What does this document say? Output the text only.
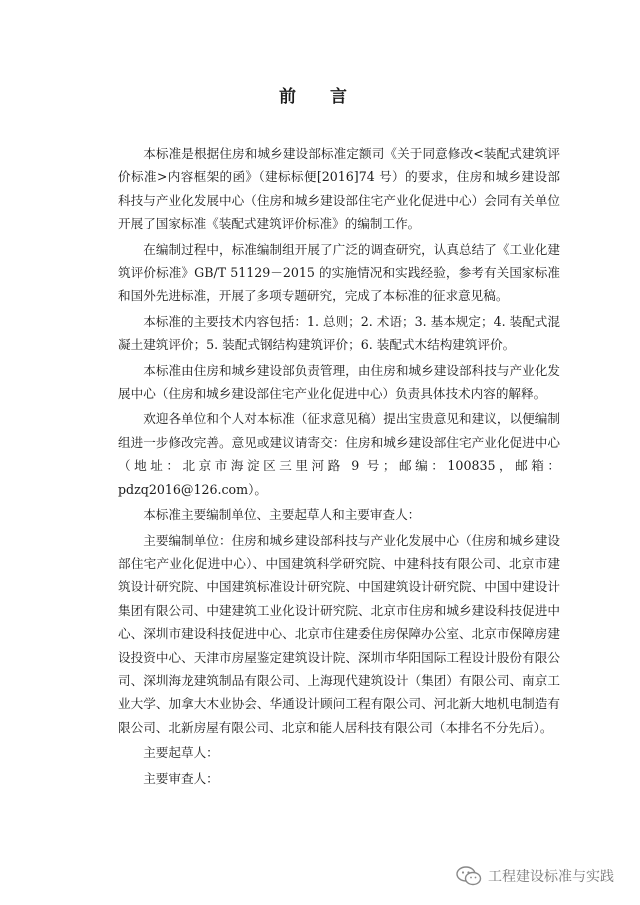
前 言

本标准是根据住房和城乡建设部标准定额司《关于同意修改<装配式建筑评价标准>内容框架的函》（建标标便[2016]74 号）的要求，住房和城乡建设部科技与产业化发展中心（住房和城乡建设部住宅产业化促进中心）会同有关单位开展了国家标准《装配式建筑评价标准》的编制工作。

在编制过程中，标准编制组开展了广泛的调查研究，认真总结了《工业化建筑评价标准》GB/T 51129－2015 的实施情况和实践经验，参考有关国家标准和国外先进标准，开展了多项专题研究，完成了本标准的征求意见稿。

本标准的主要技术内容包括：1. 总则；2. 术语；3. 基本规定；4. 装配式混凝土建筑评价；5. 装配式钢结构建筑评价；6. 装配式木结构建筑评价。

本标准由住房和城乡建设部负责管理，由住房和城乡建设部科技与产业化发展中心（住房和城乡建设部住宅产业化促进中心）负责具体技术内容的解释。

欢迎各单位和个人对本标准（征求意见稿）提出宝贵意见和建议，以便编制组进一步修改完善。意见或建议请寄交：住房和城乡建设部住宅产业化促进中心（地址：北京市海淀区三里河路 9 号；邮编：100835，邮箱：pdzq2016@126.com）。

本标准主要编制单位、主要起草人和主要审查人：

主要编制单位：住房和城乡建设部科技与产业化发展中心（住房和城乡建设部住宅产业化促进中心）、中国建筑科学研究院、中建科技有限公司、北京市建筑设计研究院、中国建筑标准设计研究院、中国建筑设计研究院、中国中建设计集团有限公司、中建建筑工业化设计研究院、北京市住房和城乡建设科技促进中心、深圳市建设科技促进中心、北京市住建委住房保障办公室、北京市保障房建设投资中心、天津市房屋鉴定建筑设计院、深圳市华阳国际工程设计股份有限公司、深圳海龙建筑制品有限公司、上海现代建筑设计（集团）有限公司、南京工业大学、加拿大木业协会、华通设计顾问工程有限公司、河北新大地机电制造有限公司、北新房屋有限公司、北京和能人居科技有限公司（本排名不分先后）。

主要起草人：

主要审查人：

工程建设标准与实践
